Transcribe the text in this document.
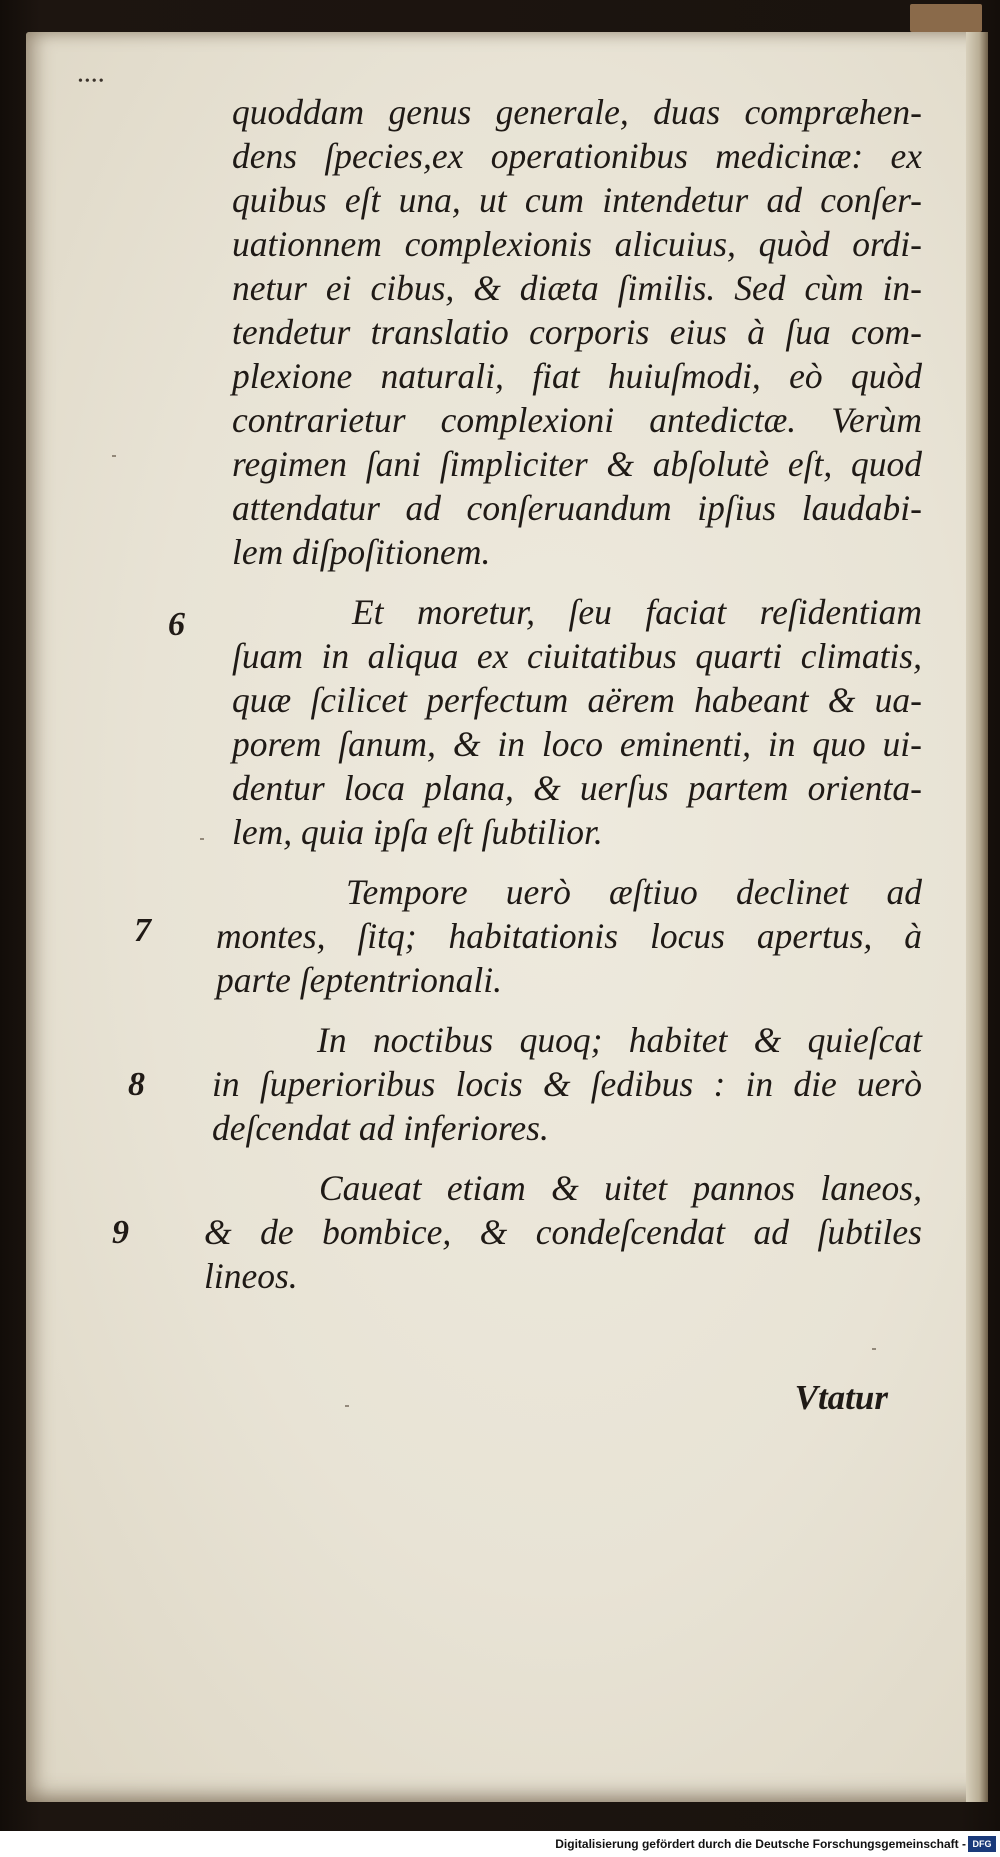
••••
quoddam genus generale, duas compræhen-
dens ſpecies,ex operationibus medicinæ: ex
quibus eſt una, ut cum intendetur ad conſer-
uationnem complexionis alicuius, quòd ordi-
netur ei cibus, & diæta ſimilis. Sed cùm in-
tendetur translatio corporis eius à ſua com-
plexione naturali, fiat huiuſmodi, eò quòd
contrarietur complexioni antedictæ. Verùm
regimen ſani ſimpliciter & abſolutè eſt, quod
attendatur ad conſeruandum ipſius laudabi-
lem diſpoſitionem.
Et moretur, ſeu faciat reſidentiam
ſuam in aliqua ex ciuitatibus quarti climatis,
quæ ſcilicet perfectum aërem habeant & ua-
porem ſanum, & in loco eminenti, in quo ui-
dentur loca plana, & uerſus partem orienta-
lem, quia ipſa eſt ſubtilior.
Tempore uerò æſtiuo declinet ad
montes, ſitq; habitationis locus apertus, à
parte ſeptentrionali.
In noctibus quoq; habitet & quieſcat
in ſuperioribus locis & ſedibus : in die uerò
deſcendat ad inferiores.
Caueat etiam & uitet pannos laneos,
& de bombice, & condeſcendat ad ſubtiles
lineos.
6
7
8
9
Vtatur
Digitalisierung gefördert durch die Deutsche Forschungsgemeinschaft - DFG
